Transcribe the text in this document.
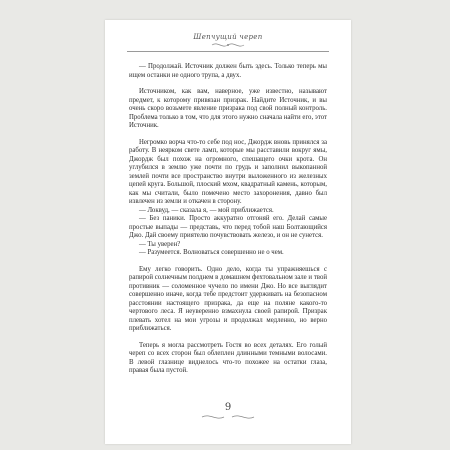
Шепчущий череп

— Продолжай. Источник должен быть здесь. Только теперь мы ищем останки не одного трупа, а двух.

Источником, как вам, наверное, уже известно, называют предмет, к которому привязан призрак. Найдите Источник, и вы очень скоро возьмете явление призрака под свой полный контроль. Проблема только в том, что для этого нужно сначала найти его, этот Источник.

Негромко ворча что-то себе под нос, Джордж вновь принялся за работу. В неярком свете ламп, которые мы расставили вокруг ямы, Джордж был похож на огромного, спешащего очки крота. Он углубился в землю уже почти по грудь и заполнил выкопанной землей почти все пространство внутри выложенного из железных цепей круга. Большой, плоский мхом, квадратный камень, которым, как мы считали, было помечено место захоронения, давно был извлечен из земли и откачен в сторону.

— Локвуд, — сказала я, — мой приближается.

— Без паники. Просто аккуратно отгоняй его. Делай самые простые выпады — представь, что перед тобой наш Болтающийся Джо. Дай своему приятелю почувствовать железо, и он не сунется.

— Ты уверен?

— Разумеется. Волноваться совершенно не о чем.

Ему легко говорить. Одно дело, когда ты упражняешься с рапирой солнечным полднем в домашнем фехтовальном зале и твой противник — соломенное чучело по имени Джо. Но все выглядит совершенно иначе, когда тебе предстоит удерживать на безопасном расстоянии настоящего призрака, да еще на поляне какого-то чертового леса. Я неуверенно взмахнула своей рапирой. Призрак плевать хотел на мои угрозы и продолжал медленно, но верно приближаться.

Теперь я могла рассмотреть Гостя во всех деталях. Его голый череп со всех сторон был облеплен длинными темными волосами. В левой глазнице виднелось что-то похожее на остатки глаза, правая была пустой.

9
